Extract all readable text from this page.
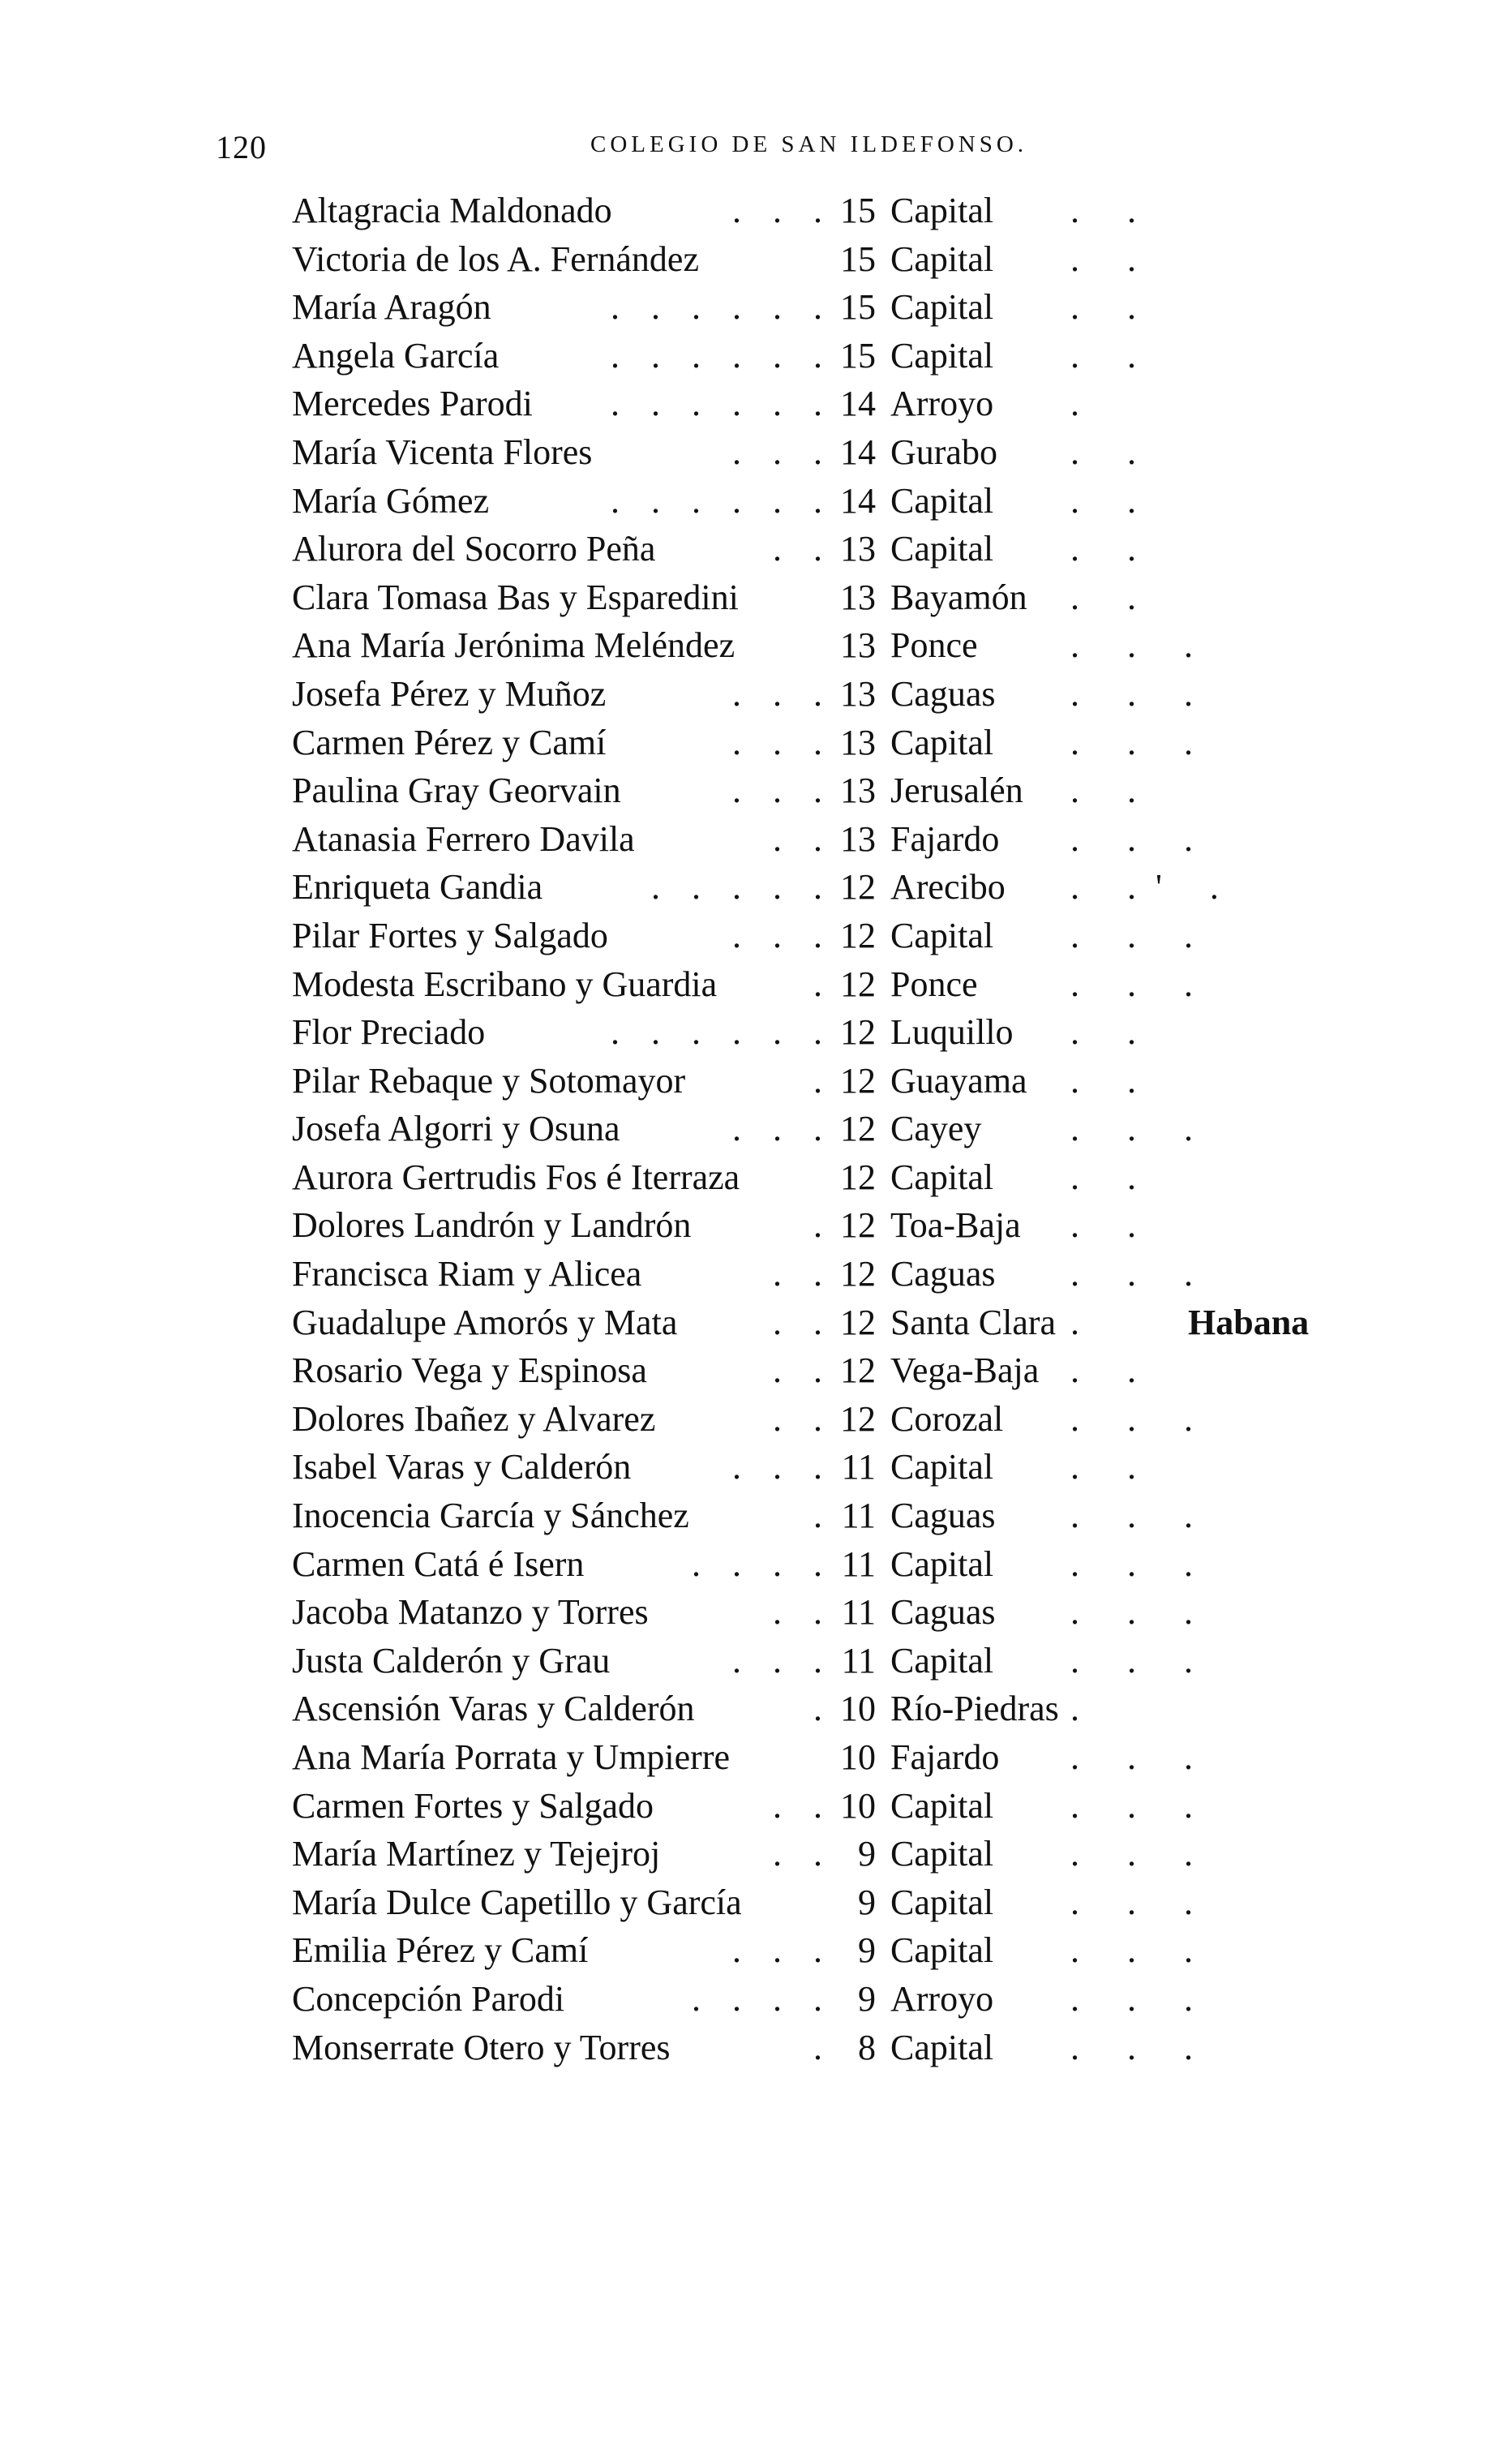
120	COLEGIO DE SAN ILDEFONSO.
Altagracia Maldonado	. . . 15 Capital	. .
Victoria de los A. Fernández	15 Capital	. .
María Aragón	. . . . . . 15 Capital	. .
Angela García	. . . . . . 15 Capital	. .
Mercedes Parodi . . . . . . 14 Arroyo	.
María Vicenta Flores	. . . 14 Gurabo	. .
María Gómez	. . . . . . 14 Capital	. .
Alurora del Socorro Peña	. . 13 Capital	. .
Clara Tomasa Bas y Esparedini	13 Bayamón	. .
Ana María Jerónima Meléndez	13 Ponce	. . .
Josefa Pérez y Muñoz	. . . 13 Caguas	. . .
Carmen Pérez y Camí	. . . 13 Capital	. . .
Paulina Gray Georvain	. . . 13 Jerusalén	. .
Atanasia Ferrero Davila	. . 13 Fajardo	. . .
Enriqueta Gandia	. . . . . 12 Arecibo	. .' .
Pilar Fortes y Salgado	. . . 12 Capital	. . .
Modesta Escribano y Guardia	. 12 Ponce	. . .
Flor Preciado	. . . . . . 12 Luquillo	. .
Pilar Rebaque y Sotomayor	. 12 Guayama	. .
Josefa Algorri y Osuna	. . . 12 Cayey	. . .
Aurora Gertrudis Fos é Iterraza	12 Capital	. .
Dolores Landrón y Landrón	. 12 Toa-Baja	. .
Francisca Riam y Alicea	. . 12 Caguas	. . .
Guadalupe Amorós y Mata	. . 12 Santa Clara .	Habana
Rosario Vega y Espinosa	. . 12 Vega-Baja . .
Dolores Ibañez y Alvarez	. . 12 Corozal	. . .
Isabel Varas y Calderón	. . . 11 Capital	. .
Inocencia García y Sánchez	. 11 Caguas	. . .
Carmen Catá é Isern	. . . . 11 Capital	. . .
Jacoba Matanzo y Torres	. . 11 Caguas	. . .
Justa Calderón y Grau	. . . 11 Capital	. . .
Ascensión Varas y Calderón	. 10 Río-Piedras .
Ana María Porrata y Umpierre	10 Fajardo	. . .
Carmen Fortes y Salgado	. . 10 Capital	. . .
María Martínez y Tejejroj	. . 9 Capital	. . .
María Dulce Capetillo y García	9 Capital	. . .
Emilia Pérez y Camí	. . . 9 Capital	. . .
Concepción Parodi	. . . . 9 Arroyo	. . .
Monserrate Otero y Torres	. 8 Capital	. . .
